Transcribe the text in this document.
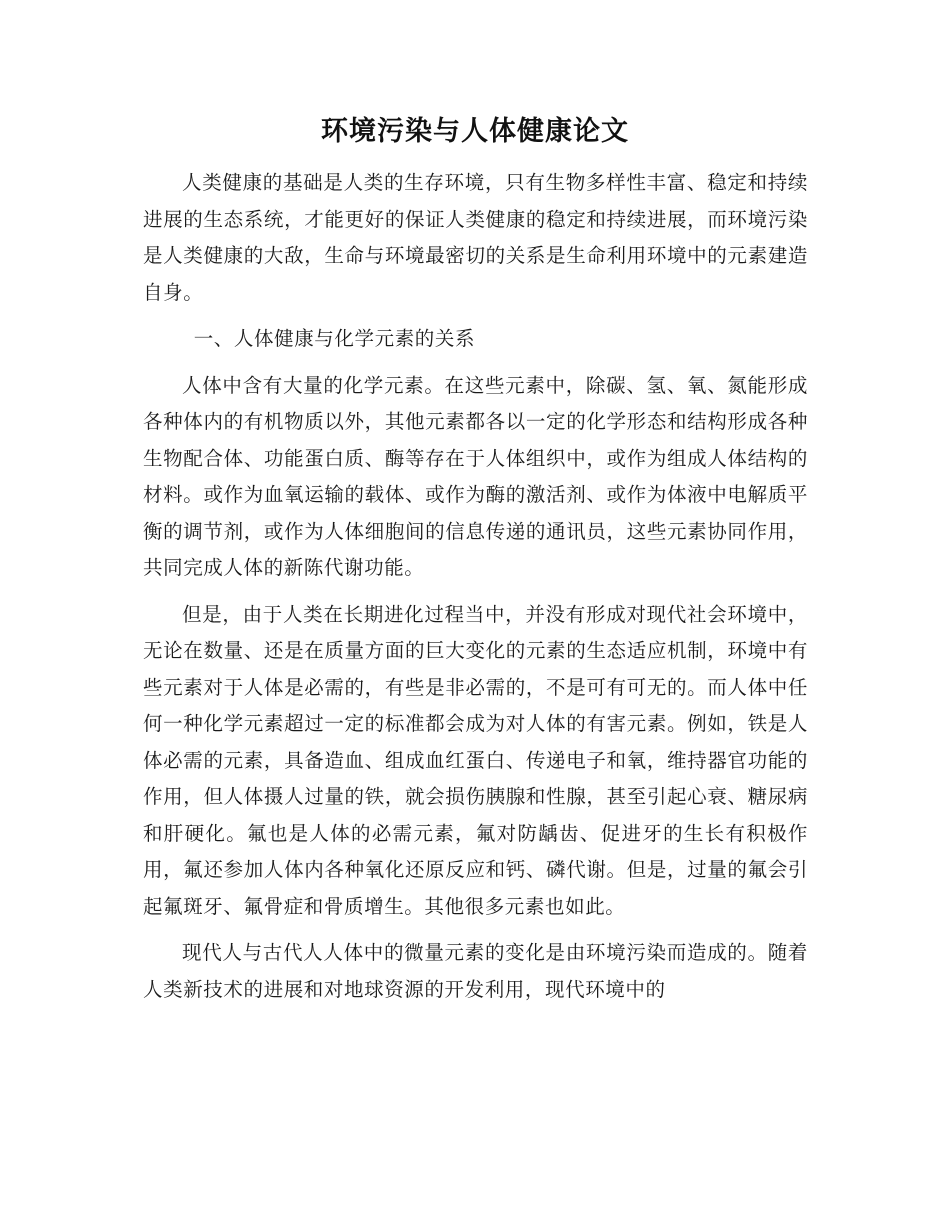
环境污染与人体健康论文

人类健康的基础是人类的生存环境，只有生物多样性丰富、稳定和持续进展的生态系统，才能更好的保证人类健康的稳定和持续进展，而环境污染是人类健康的大敌，生命与环境最密切的关系是生命利用环境中的元素建造自身。

一、人体健康与化学元素的关系

人体中含有大量的化学元素。在这些元素中，除碳、氢、氧、氮能形成各种体内的有机物质以外，其他元素都各以一定的化学形态和结构形成各种生物配合体、功能蛋白质、酶等存在于人体组织中，或作为组成人体结构的材料。或作为血氧运输的载体、或作为酶的激活剂、或作为体液中电解质平衡的调节剂，或作为人体细胞间的信息传递的通讯员，这些元素协同作用，共同完成人体的新陈代谢功能。

但是，由于人类在长期进化过程当中，并没有形成对现代社会环境中，无论在数量、还是在质量方面的巨大变化的元素的生态适应机制，环境中有些元素对于人体是必需的，有些是非必需的，不是可有可无的。而人体中任何一种化学元素超过一定的标准都会成为对人体的有害元素。例如，铁是人体必需的元素，具备造血、组成血红蛋白、传递电子和氧，维持器官功能的作用，但人体摄人过量的铁，就会损伤胰腺和性腺，甚至引起心衰、糖尿病和肝硬化。氟也是人体的必需元素，氟对防龋齿、促进牙的生长有积极作用，氟还参加人体内各种氧化还原反应和钙、磷代谢。但是，过量的氟会引起氟斑牙、氟骨症和骨质增生。其他很多元素也如此。

现代人与古代人人体中的微量元素的变化是由环境污染而造成的。随着人类新技术的进展和对地球资源的开发利用，现代环境中的
